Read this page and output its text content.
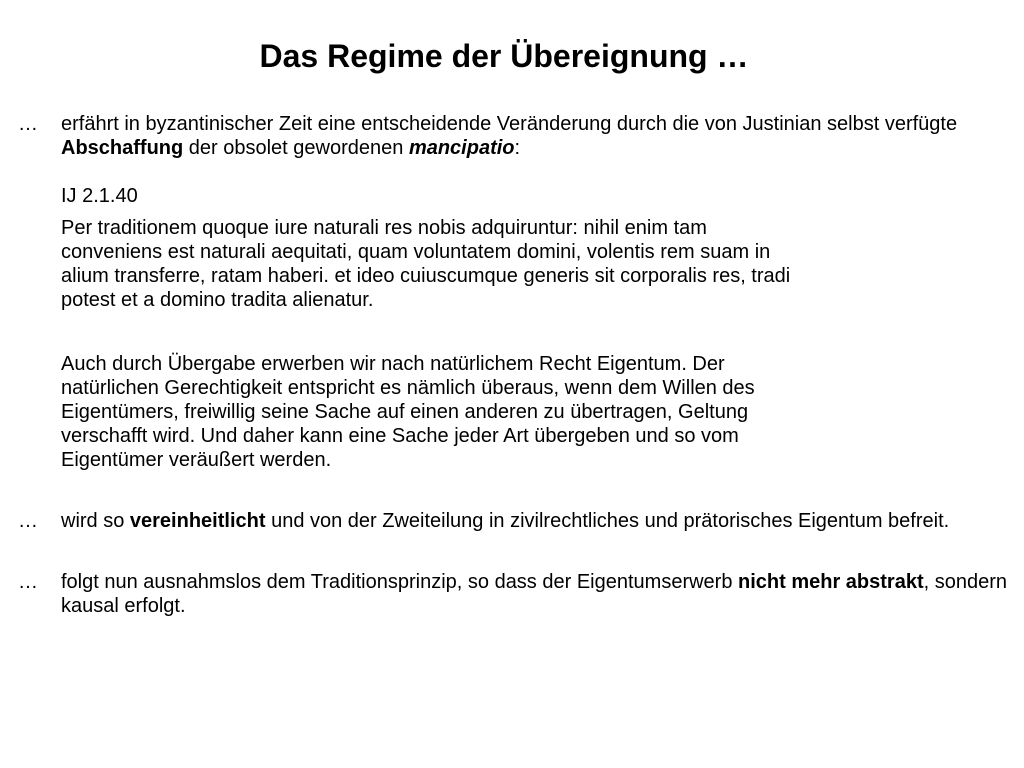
Das Regime der Übereignung …
… erfährt in byzantinischer Zeit eine entscheidende Veränderung durch die von Justinian selbst verfügte Abschaffung der obsolet gewordenen mancipatio:
IJ 2.1.40
Per traditionem quoque iure naturali res nobis adquiruntur: nihil enim tam
conveniens est naturali aequitati, quam voluntatem domini, volentis rem suam in
alium transferre, ratam haberi. et ideo cuiuscumque generis sit corporalis res, tradi
potest et a domino tradita alienatur.
Auch durch Übergabe erwerben wir nach natürlichem Recht Eigentum. Der
natürlichen Gerechtigkeit entspricht es nämlich überaus, wenn dem Willen des
Eigentümers, freiwillig seine Sache auf einen anderen zu übertragen, Geltung
verschafft wird. Und daher kann eine Sache jeder Art übergeben und so vom
Eigentümer veräußert werden.
… wird so vereinheitlicht und von der Zweiteilung in zivilrechtliches und prätorisches Eigentum befreit.
… folgt nun ausnahmslos dem Traditionsprinzip, so dass der Eigentumserwerb nicht mehr abstrakt, sondern kausal erfolgt.
